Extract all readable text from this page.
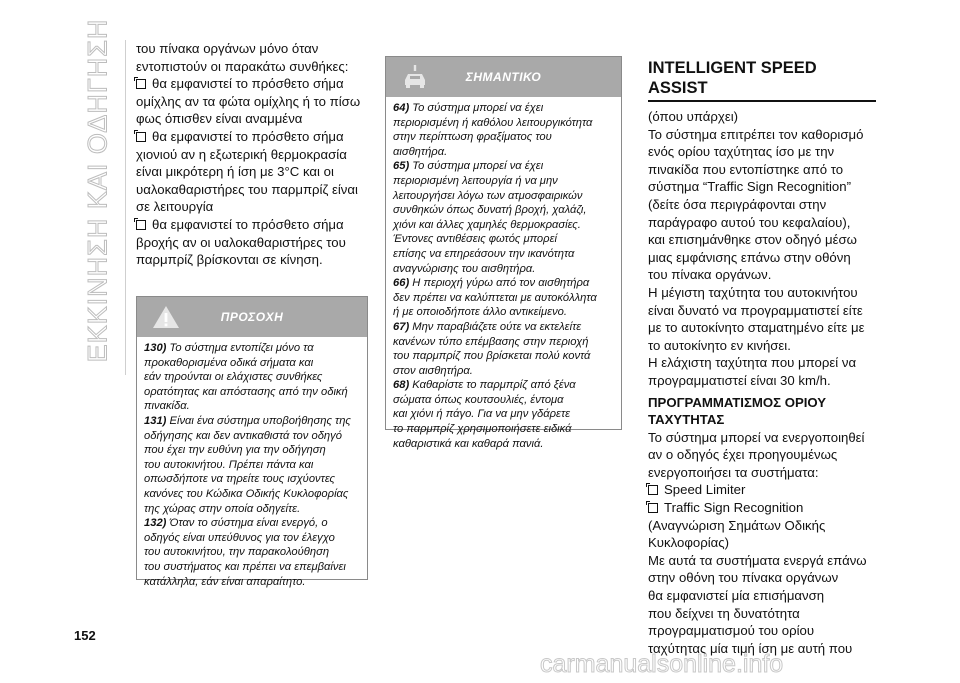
ΕΚΚΙΝΗΣΗ ΚΑΙ ΟΔΗΓΗΣΗ του πίνακα οργάνων μόνο όταν

εντοπιστούν οι παρακάτω συνθήκες:

θα εμφανιστεί το πρόσθετο σήμα

ομίχλης αν τα φώτα ομίχλης ή το πίσω

φως όπισθεν είναι αναμμένα

θα εμφανιστεί το πρόσθετο σήμα

χιονιού αν η εξωτερική θερμοκρασία

είναι μικρότερη ή ίση με 3°C και οι

υαλοκαθαριστήρες του παρμπρίζ είναι

σε λειτουργία

θα εμφανιστεί το πρόσθετο σήμα

βροχής αν οι υαλοκαθαριστήρες του

παρμπρίζ βρίσκονται σε κίνηση.

ΠΡΟΣΟΧΗ

130) Το σύστημα εντοπίζει μόνο τα

προκαθορισμένα οδικά σήματα και

εάν τηρούνται οι ελάχιστες συνθήκες

ορατότητας και απόστασης από την οδική

πινακίδα.

131) Είναι ένα σύστημα υποβοήθησης της

οδήγησης και δεν αντικαθιστά τον οδηγό

που έχει την ευθύνη για την οδήγηση

του αυτοκινήτου. Πρέπει πάντα και

οπωσδήποτε να τηρείτε τους ισχύοντες

κανόνες του Κώδικα Οδικής Κυκλοφορίας

της χώρας στην οποία οδηγείτε.

132) Όταν το σύστημα είναι ενεργό, ο

οδηγός είναι υπεύθυνος για τον έλεγχο

του αυτοκινήτου, την παρακολούθηση

του συστήματος και πρέπει να επεμβαίνει

κατάλληλα, εάν είναι απαραίτητο.

ΣΗΜΑΝΤΙΚΟ

64) Το σύστημα μπορεί να έχει

περιορισμένη ή καθόλου λειτουργικότητα

στην περίπτωση φραξίματος του

αισθητήρα.

65) Το σύστημα μπορεί να έχει

περιορισμένη λειτουργία ή να μην

λειτουργήσει λόγω των ατμοσφαιρικών

συνθηκών όπως δυνατή βροχή, χαλάζι,

χιόνι και άλλες χαμηλές θερμοκρασίες.

Έντονες αντιθέσεις φωτός μπορεί

επίσης να επηρεάσουν την ικανότητα

αναγνώρισης του αισθητήρα.

66) Η περιοχή γύρω από τον αισθητήρα

δεν πρέπει να καλύπτεται με αυτοκόλλητα

ή με οποιοδήποτε άλλο αντικείμενο.

67) Μην παραβιάζετε ούτε να εκτελείτε

κανένων τύπο επέμβασης στην περιοχή

του παρμπρίζ που βρίσκεται πολύ κοντά

στον αισθητήρα.

68) Καθαρίστε το παρμπρίζ από ξένα

σώματα όπως κουτσουλιές, έντομα

και χιόνι ή πάγο. Για να μην γδάρετε

το παρμπρίζ χρησιμοποιήσετε ειδικά

καθαριστικά και καθαρά πανιά.

INTELLIGENT SPEED

ASSIST

(όπου υπάρχει)

Το σύστημα επιτρέπει τον καθορισμό

ενός ορίου ταχύτητας ίσο με την

πινακίδα που εντοπίστηκε από το

σύστημα “Traffic Sign Recognition”

(δείτε όσα περιγράφονται στην

παράγραφο αυτού του κεφαλαίου),

και επισημάνθηκε στον οδηγό μέσω

μιας εμφάνισης επάνω στην οθόνη

του πίνακα οργάνων.

Η μέγιστη ταχύτητα του αυτοκινήτου

είναι δυνατό να προγραμματιστεί είτε

με το αυτοκίνητο σταματημένο είτε με

το αυτοκίνητο εν κινήσει.

Η ελάχιστη ταχύτητα που μπορεί να

προγραμματιστεί είναι 30 km/h.

ΠΡΟΓΡΑΜΜΑΤΙΣΜΟΣ ΟΡΙΟΥ

ΤΑΧΥΤΗΤΑΣ

Το σύστημα μπορεί να ενεργοποιηθεί

αν ο οδηγός έχει προηγουμένως

ενεργοποιήσει τα συστήματα:

Speed Limiter
Traffic Sign Recognition

(Αναγνώριση Σημάτων Οδικής

Κυκλοφορίας)

Με αυτά τα συστήματα ενεργά επάνω

στην οθόνη του πίνακα οργάνων

θα εμφανιστεί μία επισήμανση

που δείχνει τη δυνατότητα

προγραμματισμού του ορίου

ταχύτητας μία τιμή ίση με αυτή που

152
carmanualsonline.info
